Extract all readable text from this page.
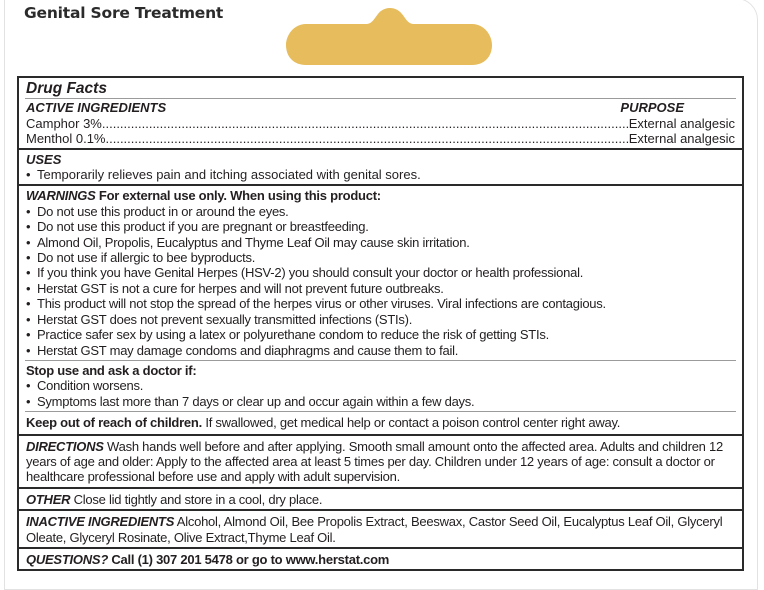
Genital Sore Treatment
Drug Facts
ACTIVE INGREDIENTS	PURPOSE
Camphor 3% .....	External analgesic
Menthol 0.1% .....	External analgesic
USES
• Temporarily relieves pain and itching associated with genital sores.
WARNINGS For external use only. When using this product:
• Do not use this product in or around the eyes.
• Do not use this product if you are pregnant or breastfeeding.
• Almond Oil, Propolis, Eucalyptus and Thyme Leaf Oil may cause skin irritation.
• Do not use if allergic to bee byproducts.
• If you think you have Genital Herpes (HSV-2) you should consult your doctor or health professional.
• Herstat GST is not a cure for herpes and will not prevent future outbreaks.
• This product will not stop the spread of the herpes virus or other viruses. Viral infections are contagious.
• Herstat GST does not prevent sexually transmitted infections (STIs).
• Practice safer sex by using a latex or polyurethane condom to reduce the risk of getting STIs.
• Herstat GST may damage condoms and diaphragms and cause them to fail.
Stop use and ask a doctor if:
• Condition worsens.
• Symptoms last more than 7 days or clear up and occur again within a few days.
Keep out of reach of children. If swallowed, get medical help or contact a poison control center right away.
DIRECTIONS Wash hands well before and after applying. Smooth small amount onto the affected area. Adults and children 12 years of age and older: Apply to the affected area at least 5 times per day. Children under 12 years of age: consult a doctor or healthcare professional before use and apply with adult supervision.
OTHER Close lid tightly and store in a cool, dry place.
INACTIVE INGREDIENTS Alcohol, Almond Oil, Bee Propolis Extract, Beeswax, Castor Seed Oil, Eucalyptus Leaf Oil, Glyceryl Oleate, Glyceryl Rosinate, Olive Extract,Thyme Leaf Oil.
QUESTIONS? Call (1) 307 201 5478 or go to www.herstat.com
